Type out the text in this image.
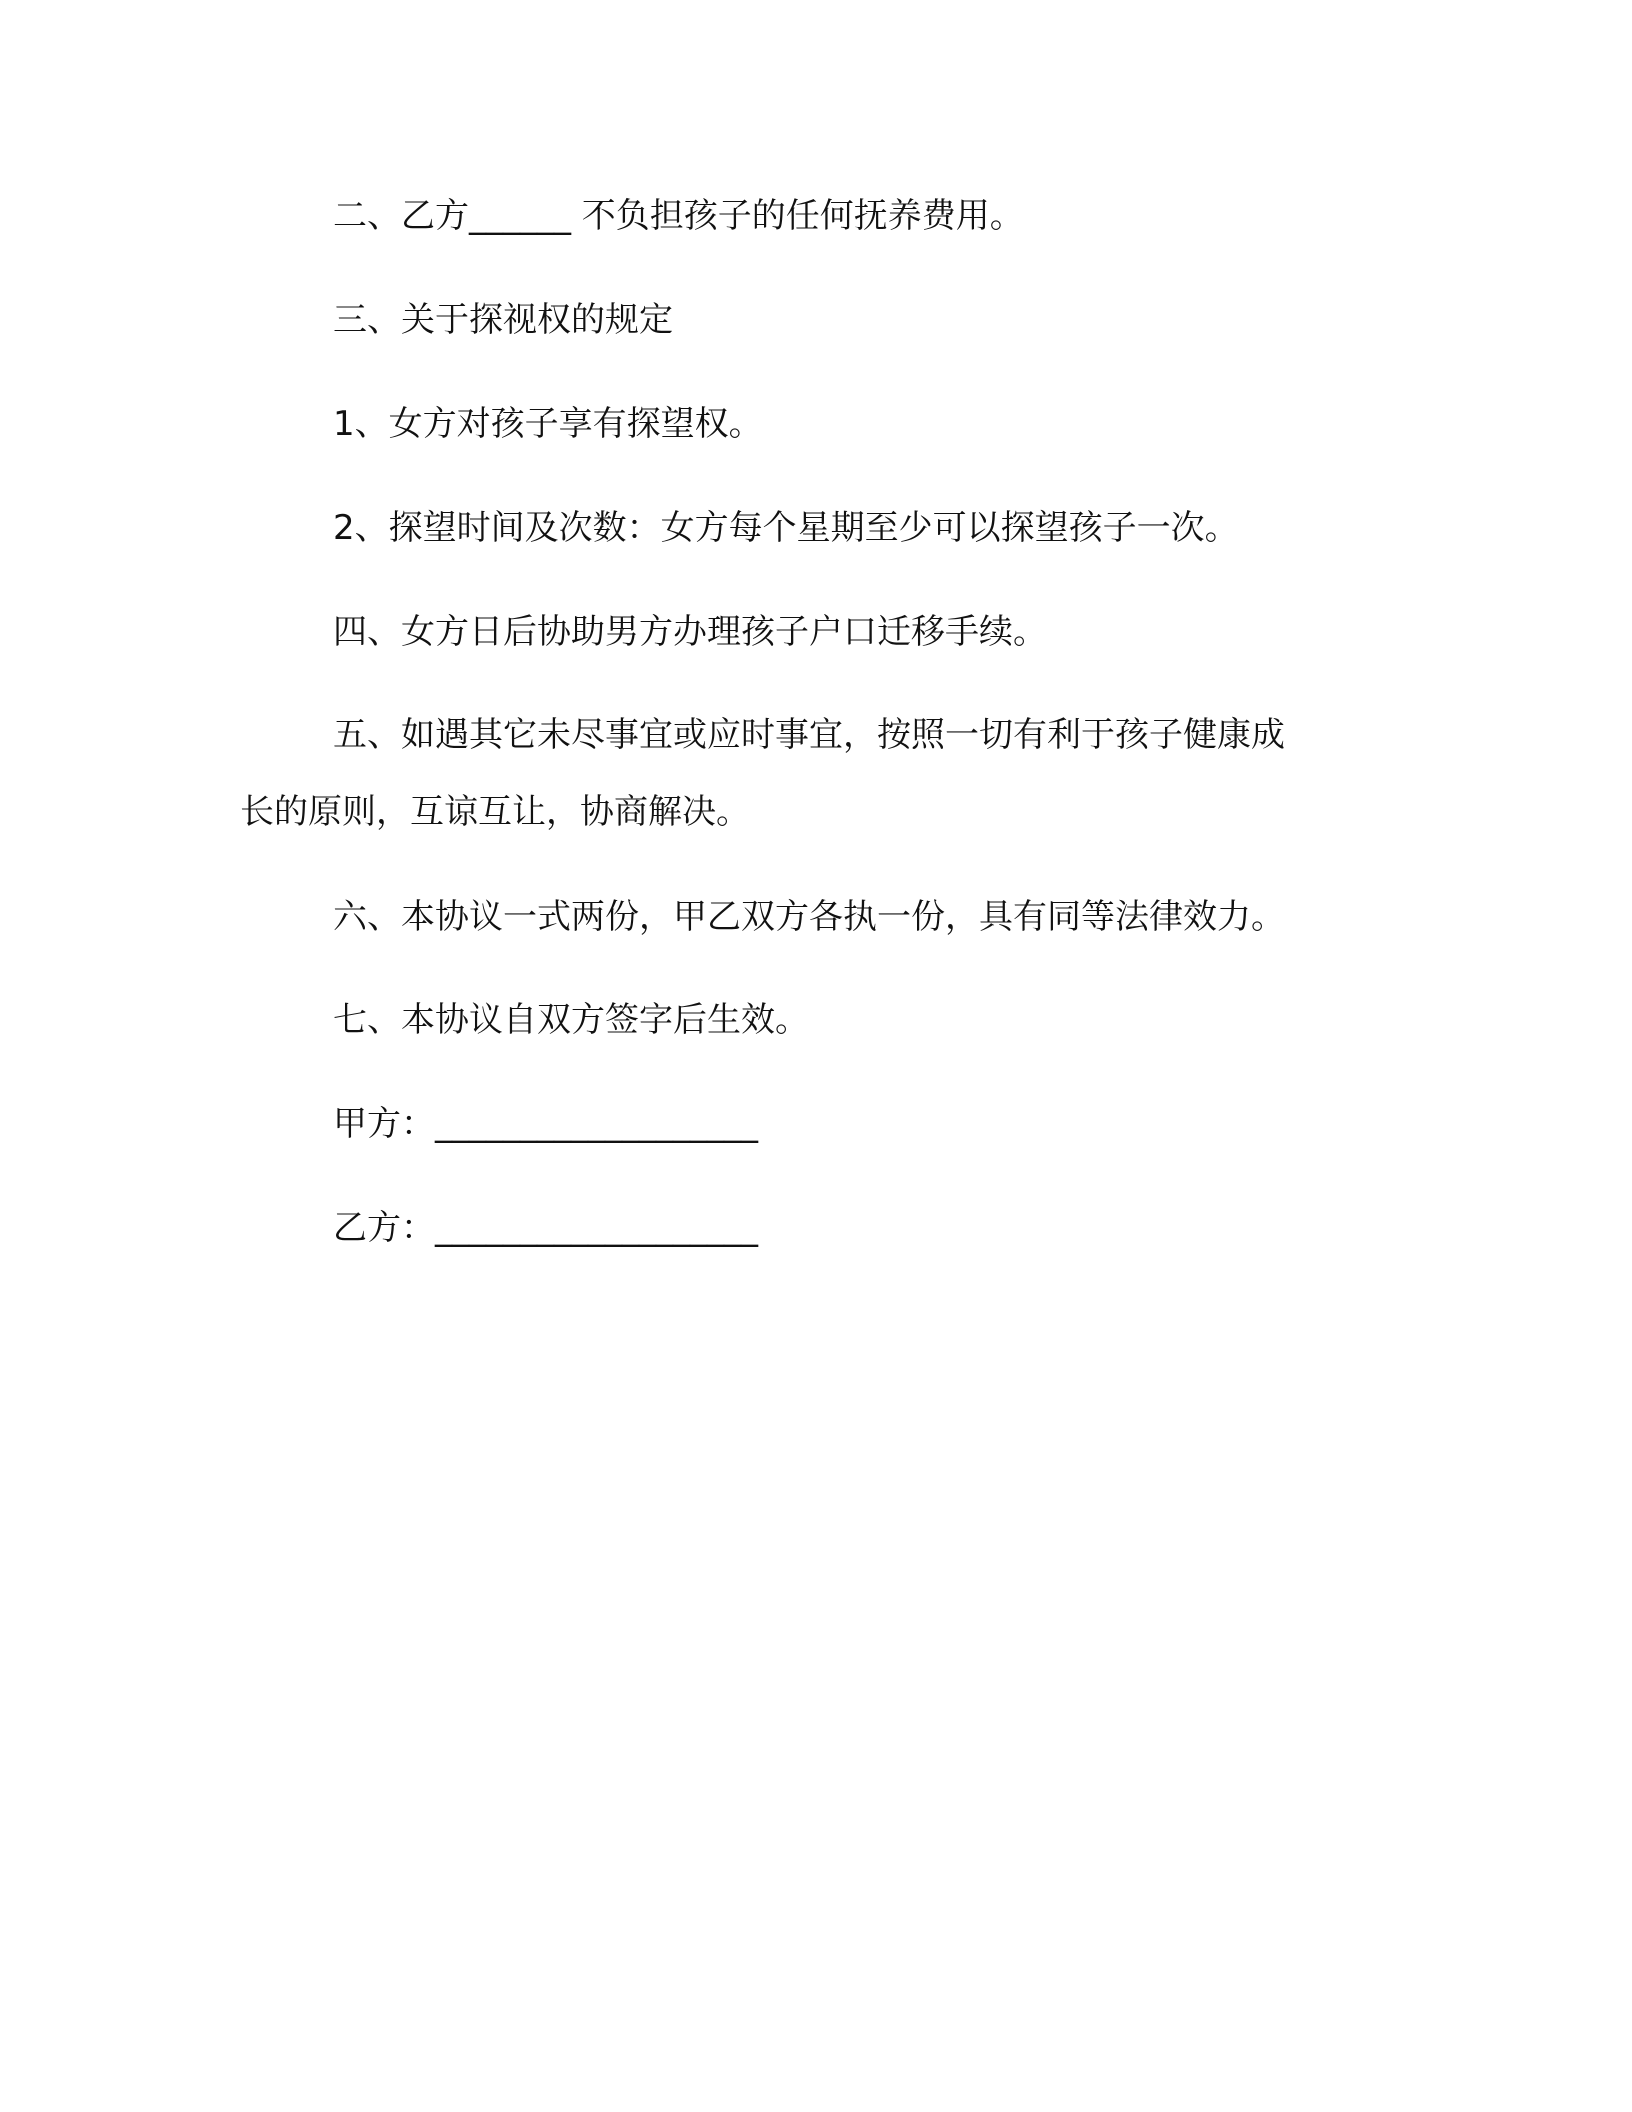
二、乙方______ 不负担孩子的任何抚养费用。

三、关于探视权的规定

1、女方对孩子享有探望权。

2、探望时间及次数：女方每个星期至少可以探望孩子一次。

四、女方日后协助男方办理孩子户口迁移手续。

五、如遇其它未尽事宜或应时事宜，按照一切有利于孩子健康成

长的原则，互谅互让，协商解决。

六、本协议一式两份，甲乙双方各执一份，具有同等法律效力。

七、本协议自双方签字后生效。

甲方：___________________

乙方：___________________
